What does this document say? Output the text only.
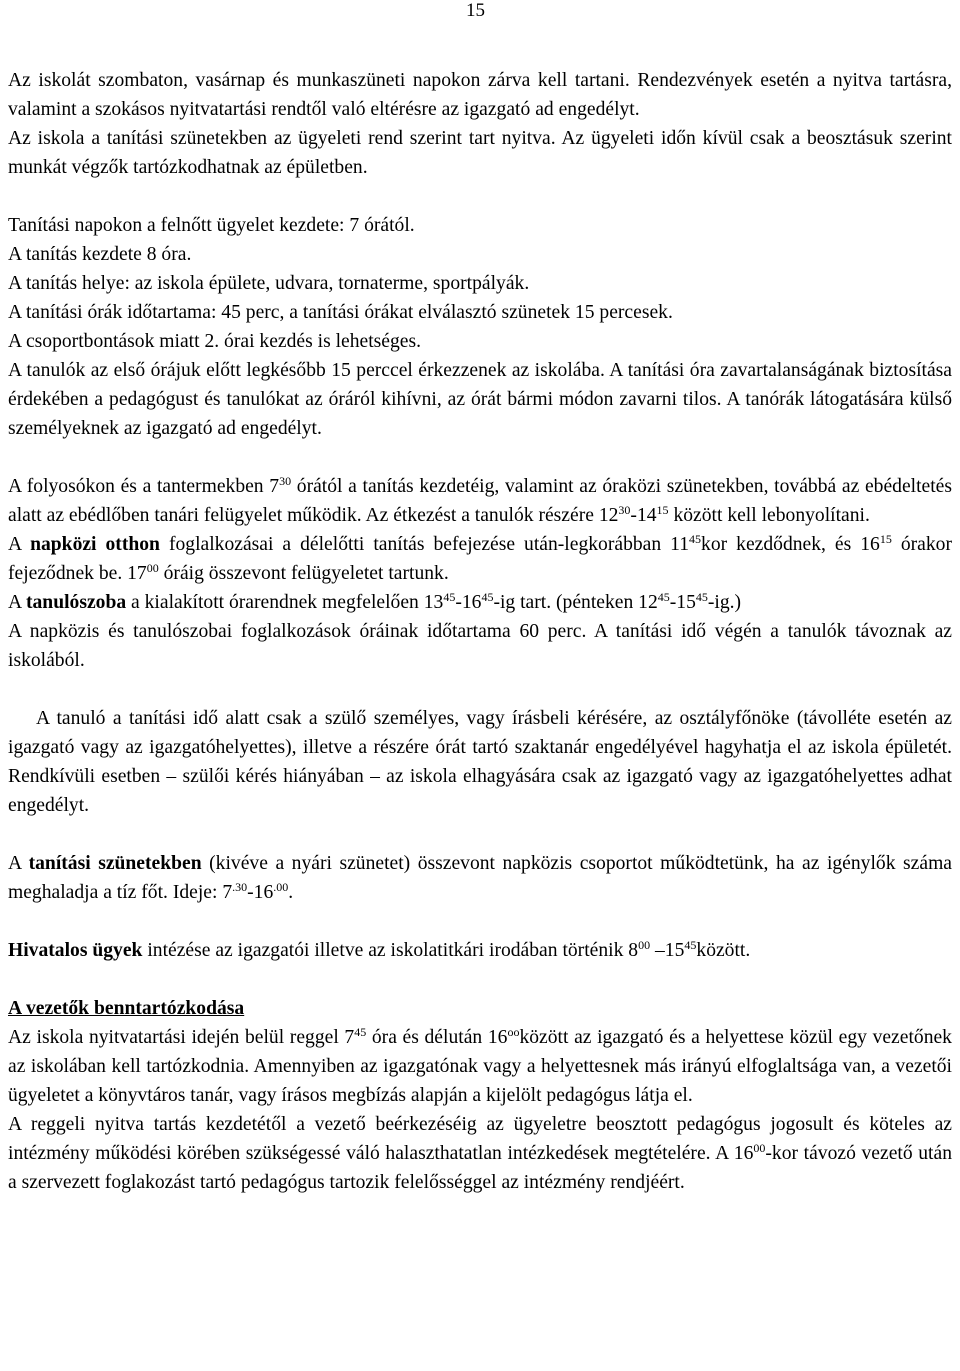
15

Az iskolát szombaton, vasárnap és munkaszüneti napokon zárva kell tartani. Rendezvények esetén a nyitva tartásra, valamint a szokásos nyitvatartási rendtől való eltérésre az igazgató ad engedélyt.

Az iskola a tanítási szünetekben az ügyeleti rend szerint tart nyitva. Az ügyeleti időn kívül csak a beosztásuk szerint munkát végzők tartózkodhatnak az épületben.

Tanítási napokon a felnőtt ügyelet kezdete: 7 órától.

A tanítás kezdete 8 óra.

A tanítás helye: az iskola épülete, udvara, tornaterme, sportpályák.

A tanítási órák időtartama: 45 perc, a tanítási órákat elválasztó szünetek 15 percesek.

A csoportbontások miatt 2. órai kezdés is lehetséges.

A tanulók az első órájuk előtt legkésőbb 15 perccel érkezzenek az iskolába. A tanítási óra zavartalanságának biztosítása érdekében a pedagógust és tanulókat az óráról kihívni, az órát bármi módon zavarni tilos. A tanórák látogatására külső személyeknek az igazgató ad engedélyt.

A folyosókon és a tantermekben $7^{30}$ órától a tanítás kezdetéig, valamint az óraközi szünetekben, továbbá az ebédeltetés alatt az ebédlőben tanári felügyelet működik. Az étkezést a tanulók részére $12^{30}-14^{15}$ között kell lebonyolítani.

A napközi otthon foglalkozásai a délelőtti tanítás befejezése után-legkorábban $11^{45}kor$ kezdődnek, és $16^{15}$ órakor fejeződnek be. $17^{00}$ óráig összevont felügyeletet tartunk.

A tanulószoba a kialakított órarendnek megfelelően $13^{45}-16^{45}-ig$ tart. (pénteken $12^{45}-15^{45}-ig$.)

A napközis és tanulószobai foglalkozások óráinak időtartama 60 perc. A tanítási idő végén a tanulók távoznak az iskolából.

A tanuló a tanítási idő alatt csak a szülő személyes, vagy írásbeli kérésére, az osztályfőnöke (távolléte esetén az igazgató vagy az igazgatóhelyettes), illetve a részére órát tartó szaktanár engedélyével hagyhatja el az iskola épületét. Rendkívüli esetben – szülői kérés hiányában – az iskola elhagyására csak az igazgató vagy az igazgatóhelyettes adhat engedélyt.

A tanítási szünetekben (kivéve a nyári szünetet) összevont napközis csoportot működtetünk, ha az igénylők száma meghaladja a tíz főt. Ideje: $7^{.30}-16^{.00}$.

Hivatalos ügyek intézése az igazgatói illetve az iskolatitkári irodában történik $8^{00}$ $-15^{45}között$.

A vezetők benntartózkodása

Az iskola nyitvatartási idején belül reggel $7^{45}$ óra és délután $16^{oo}között$ az igazgató és a helyettese közül egy vezetőnek az iskolában kell tartózkodnia. Amennyiben az igazgatónak vagy a helyettesnek más irányú elfoglaltsága van, a vezetői ügyeletet a könyvtáros tanár, vagy írásos megbízás alapján a kijelölt pedagógus látja el.

A reggeli nyitva tartás kezdetétől a vezető beérkezéséig az ügyeletre beosztott pedagógus jogosult és köteles az intézmény működési körében szükségessé váló halaszthatatlan intézkedések megtételére. A $16^{00}$-kor távozó vezető után a szervezett foglakozást tartó pedagógus tartozik felelősséggel az intézmény rendjéért.
